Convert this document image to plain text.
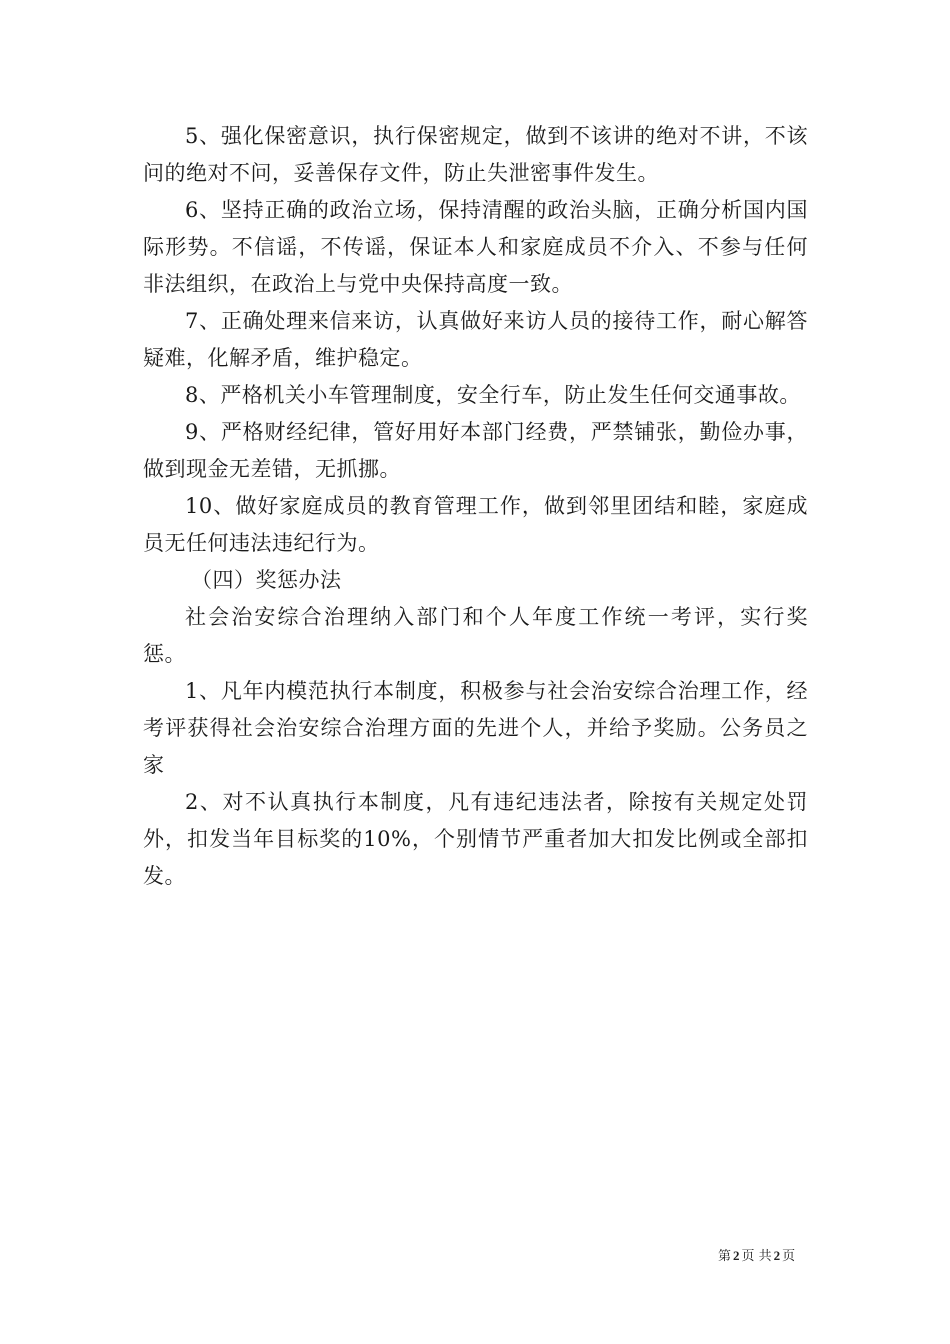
5、强化保密意识，执行保密规定，做到不该讲的绝对不讲，不该问的绝对不问，妥善保存文件，防止失泄密事件发生。

6、坚持正确的政治立场，保持清醒的政治头脑，正确分析国内国际形势。不信谣，不传谣，保证本人和家庭成员不介入、不参与任何非法组织，在政治上与党中央保持高度一致。

7、正确处理来信来访，认真做好来访人员的接待工作，耐心解答疑难，化解矛盾，维护稳定。

8、严格机关小车管理制度，安全行车，防止发生任何交通事故。

9、严格财经纪律，管好用好本部门经费，严禁铺张，勤俭办事，做到现金无差错，无抓挪。

10、做好家庭成员的教育管理工作，做到邻里团结和睦，家庭成员无任何违法违纪行为。

（四）奖惩办法

社会治安综合治理纳入部门和个人年度工作统一考评，实行奖惩。

1、凡年内模范执行本制度，积极参与社会治安综合治理工作，经考评获得社会治安综合治理方面的先进个人，并给予奖励。公务员之家

2、对不认真执行本制度，凡有违纪违法者，除按有关规定处罚外，扣发当年目标奖的10%，个别情节严重者加大扣发比例或全部扣发。

第 2 页 共 2 页
